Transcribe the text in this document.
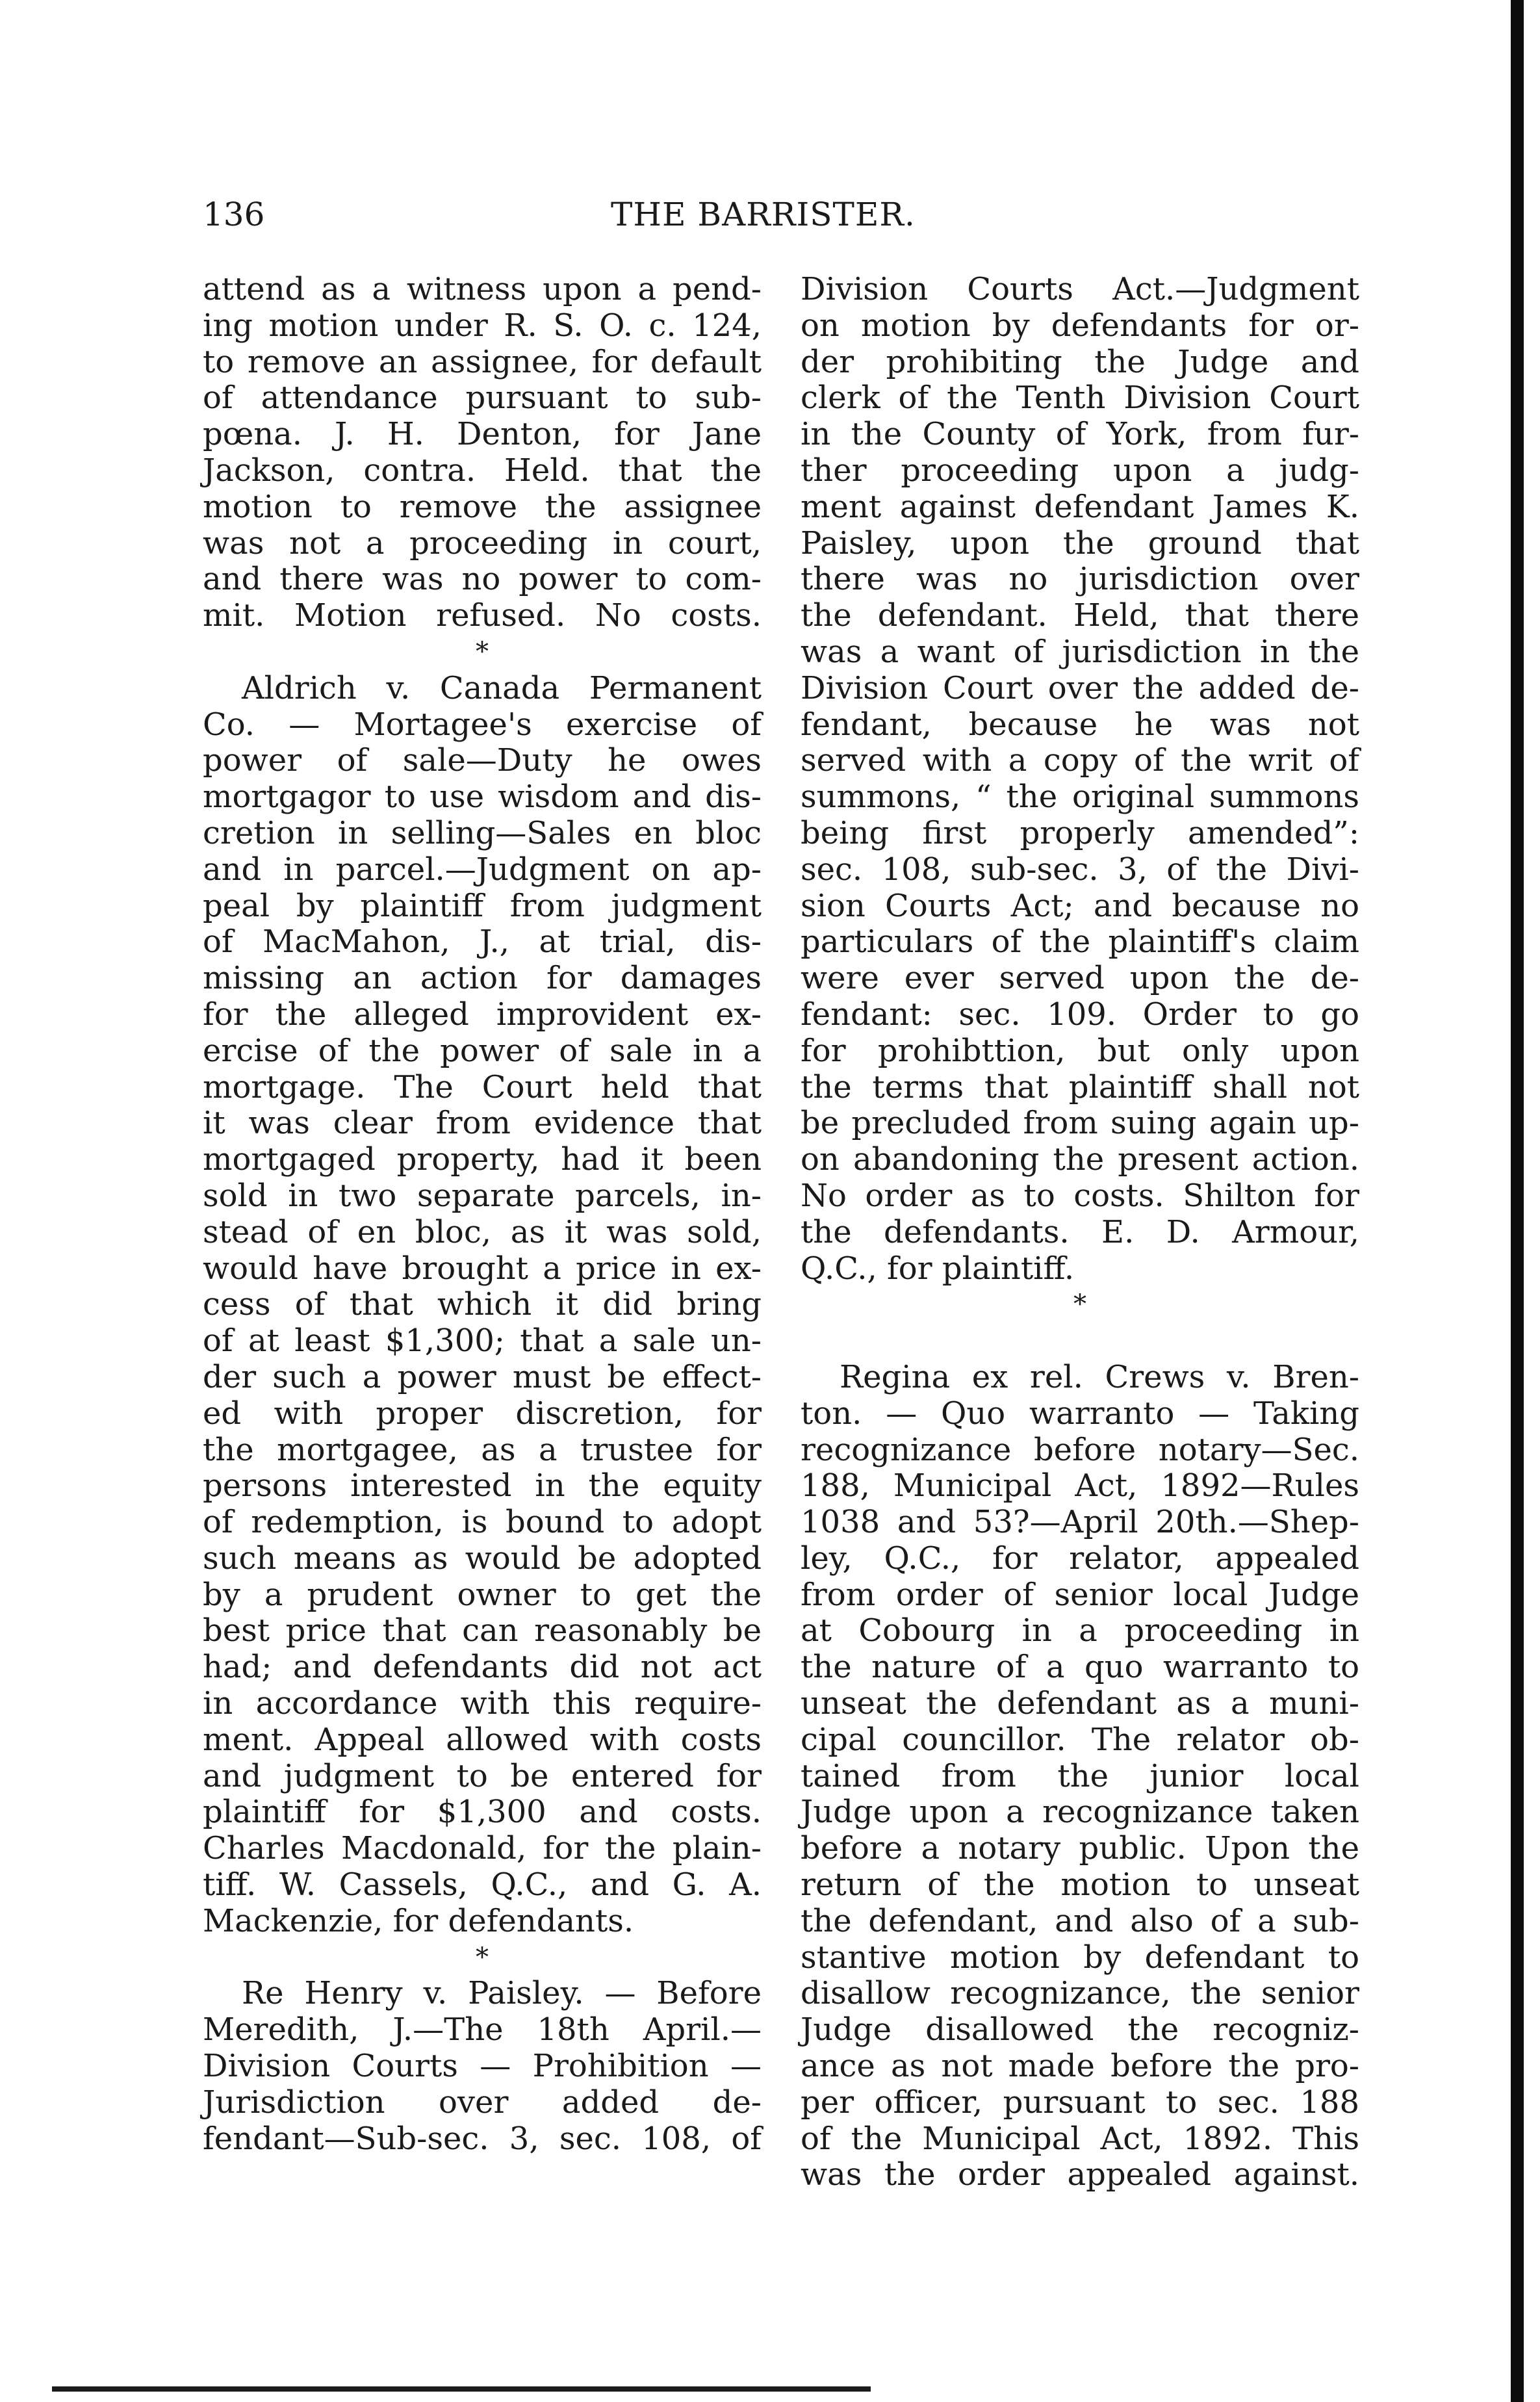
136	THE BARRISTER.
attend as a witness upon a pend-
ing motion under R. S. O. c. 124,
to remove an assignee, for default
of attendance pursuant to sub-
pœna. J. H. Denton, for Jane
Jackson, contra. Held. that the
motion to remove the assignee
was not a proceeding in court,
and there was no power to com-
mit. Motion refused. No costs.
*
Aldrich v. Canada Permanent
Co. — Mortagee's exercise of
power of sale—Duty he owes
mortgagor to use wisdom and dis-
cretion in selling—Sales en bloc
and in parcel.—Judgment on ap-
peal by plaintiff from judgment
of MacMahon, J., at trial, dis-
missing an action for damages
for the alleged improvident ex-
ercise of the power of sale in a
mortgage. The Court held that
it was clear from evidence that
mortgaged property, had it been
sold in two separate parcels, in-
stead of en bloc, as it was sold,
would have brought a price in ex-
cess of that which it did bring
of at least $1,300; that a sale un-
der such a power must be effect-
ed with proper discretion, for
the mortgagee, as a trustee for
persons interested in the equity
of redemption, is bound to adopt
such means as would be adopted
by a prudent owner to get the
best price that can reasonably be
had; and defendants did not act
in accordance with this require-
ment. Appeal allowed with costs
and judgment to be entered for
plaintiff for $1,300 and costs.
Charles Macdonald, for the plain-
tiff. W. Cassels, Q.C., and G. A.
Mackenzie, for defendants.
*
Re Henry v. Paisley. — Before
Meredith, J.—The 18th April.—
Division Courts — Prohibition —
Jurisdiction over added de-
fendant—Sub-sec. 3, sec. 108, of
Division Courts Act.—Judgment
on motion by defendants for or-
der prohibiting the Judge and
clerk of the Tenth Division Court
in the County of York, from fur-
ther proceeding upon a judg-
ment against defendant James K.
Paisley, upon the ground that
there was no jurisdiction over
the defendant. Held, that there
was a want of jurisdiction in the
Division Court over the added de-
fendant, because he was not
served with a copy of the writ of
summons, “ the original summons
being first properly amended”:
sec. 108, sub-sec. 3, of the Divi-
sion Courts Act; and because no
particulars of the plaintiff's claim
were ever served upon the de-
fendant: sec. 109. Order to go
for prohibttion, but only upon
the terms that plaintiff shall not
be precluded from suing again up-
on abandoning the present action.
No order as to costs. Shilton for
the defendants. E. D. Armour,
Q.C., for plaintiff.
*
Regina ex rel. Crews v. Bren-
ton. — Quo warranto — Taking
recognizance before notary—Sec.
188, Municipal Act, 1892—Rules
1038 and 53?—April 20th.—Shep-
ley, Q.C., for relator, appealed
from order of senior local Judge
at Cobourg in a proceeding in
the nature of a quo warranto to
unseat the defendant as a muni-
cipal councillor. The relator ob-
tained from the junior local
Judge upon a recognizance taken
before a notary public. Upon the
return of the motion to unseat
the defendant, and also of a sub-
stantive motion by defendant to
disallow recognizance, the senior
Judge disallowed the recogniz-
ance as not made before the pro-
per officer, pursuant to sec. 188
of the Municipal Act, 1892. This
was the order appealed against.
